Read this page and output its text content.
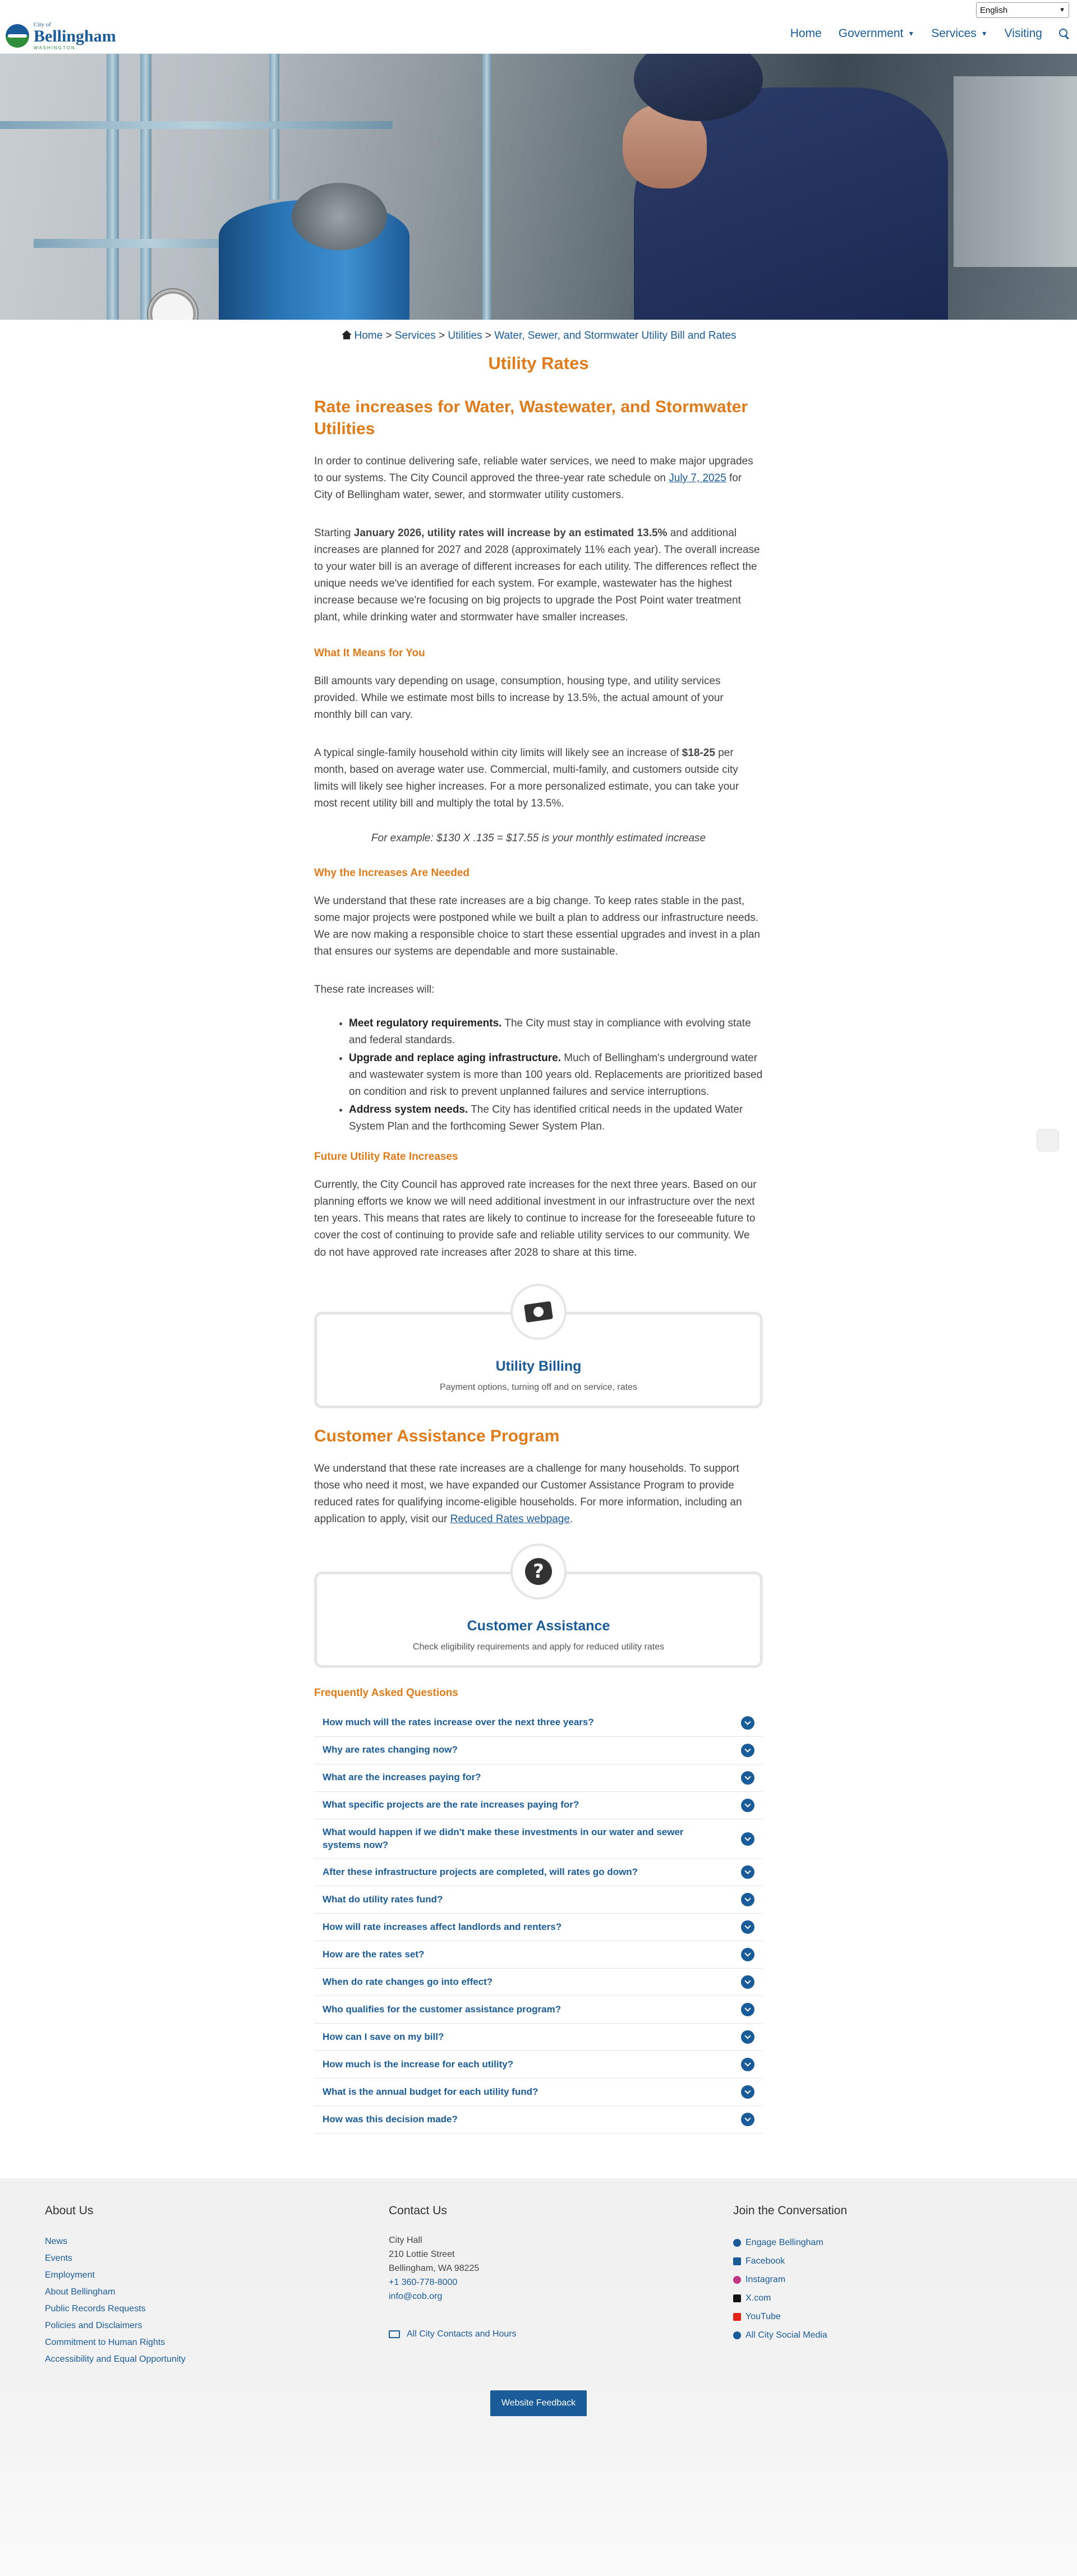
City of
Bellingham
WASHINGTON
English	▼
Home Government ▼ Services ▼ Visiting
Home > Services > Utilities > Water, Sewer, and Stormwater Utility Bill and Rates
Utility Rates
Rate increases for Water, Wastewater, and Stormwater Utilities

In order to continue delivering safe, reliable water services, we need to make major upgrades to our systems. The City Council approved the three-year rate schedule on July 7, 2025 for City of Bellingham water, sewer, and stormwater utility customers.

Starting January 2026, utility rates will increase by an estimated 13.5% and additional increases are planned for 2027 and 2028 (approximately 11% each year). The overall increase to your water bill is an average of different increases for each utility. The differences reflect the unique needs we've identified for each system. For example, wastewater has the highest increase because we're focusing on big projects to upgrade the Post Point water treatment plant, while drinking water and stormwater have smaller increases.

What It Means for You

Bill amounts vary depending on usage, consumption, housing type, and utility services provided. While we estimate most bills to increase by 13.5%, the actual amount of your monthly bill can vary.

A typical single-family household within city limits will likely see an increase of $18-25 per month, based on average water use. Commercial, multi-family, and customers outside city limits will likely see higher increases. For a more personalized estimate, you can take your most recent utility bill and multiply the total by 13.5%.

For example: $130 X .135 = $17.55 is your monthly estimated increase

Why the Increases Are Needed

We understand that these rate increases are a big change. To keep rates stable in the past, some major projects were postponed while we built a plan to address our infrastructure needs. We are now making a responsible choice to start these essential upgrades and invest in a plan that ensures our systems are dependable and more sustainable.

These rate increases will:

• Meet regulatory requirements. The City must stay in compliance with evolving state and federal standards.
• Upgrade and replace aging infrastructure. Much of Bellingham's underground water and wastewater system is more than 100 years old. Replacements are prioritized based on condition and risk to prevent unplanned failures and service interruptions.
• Address system needs. The City has identified critical needs in the updated Water System Plan and the forthcoming Sewer System Plan.
Future Utility Rate Increases

Currently, the City Council has approved rate increases for the next three years. Based on our planning efforts we know we will need additional investment in our infrastructure over the next ten years. This means that rates are likely to continue to increase for the foreseeable future to cover the cost of continuing to provide safe and reliable utility services to our community. We do not have approved rate increases after 2028 to share at this time.

Utility Billing
Payment options, turning off and on service, rates
Customer Assistance Program

We understand that these rate increases are a challenge for many households. To support those who need it most, we have expanded our Customer Assistance Program to provide reduced rates for qualifying income-eligible households. For more information, including an application to apply, visit our Reduced Rates webpage.

?
Customer Assistance
Check eligibility requirements and apply for reduced utility rates
Frequently Asked Questions
How much will the rates increase over the next three years?
Why are rates changing now?
What are the increases paying for?
What specific projects are the rate increases paying for?
What would happen if we didn't make these investments in our water and sewer systems now?
After these infrastructure projects are completed, will rates go down?
What do utility rates fund?
How will rate increases affect landlords and renters?
How are the rates set?
When do rate changes go into effect?
Who qualifies for the customer assistance program?
How can I save on my bill?
How much is the increase for each utility?
What is the annual budget for each utility fund?
How was this decision made?
About Us
News
Events
Employment
About Bellingham
Public Records Requests
Policies and Disclaimers
Commitment to Human Rights
Accessibility and Equal Opportunity
Contact Us
City Hall
210 Lottie Street
Bellingham, WA 98225
+1 360-778-8000
info@cob.org
All City Contacts and Hours
Join the Conversation
Engage Bellingham
Facebook
Instagram
X.com
YouTube
All City Social Media
Website Feedback
